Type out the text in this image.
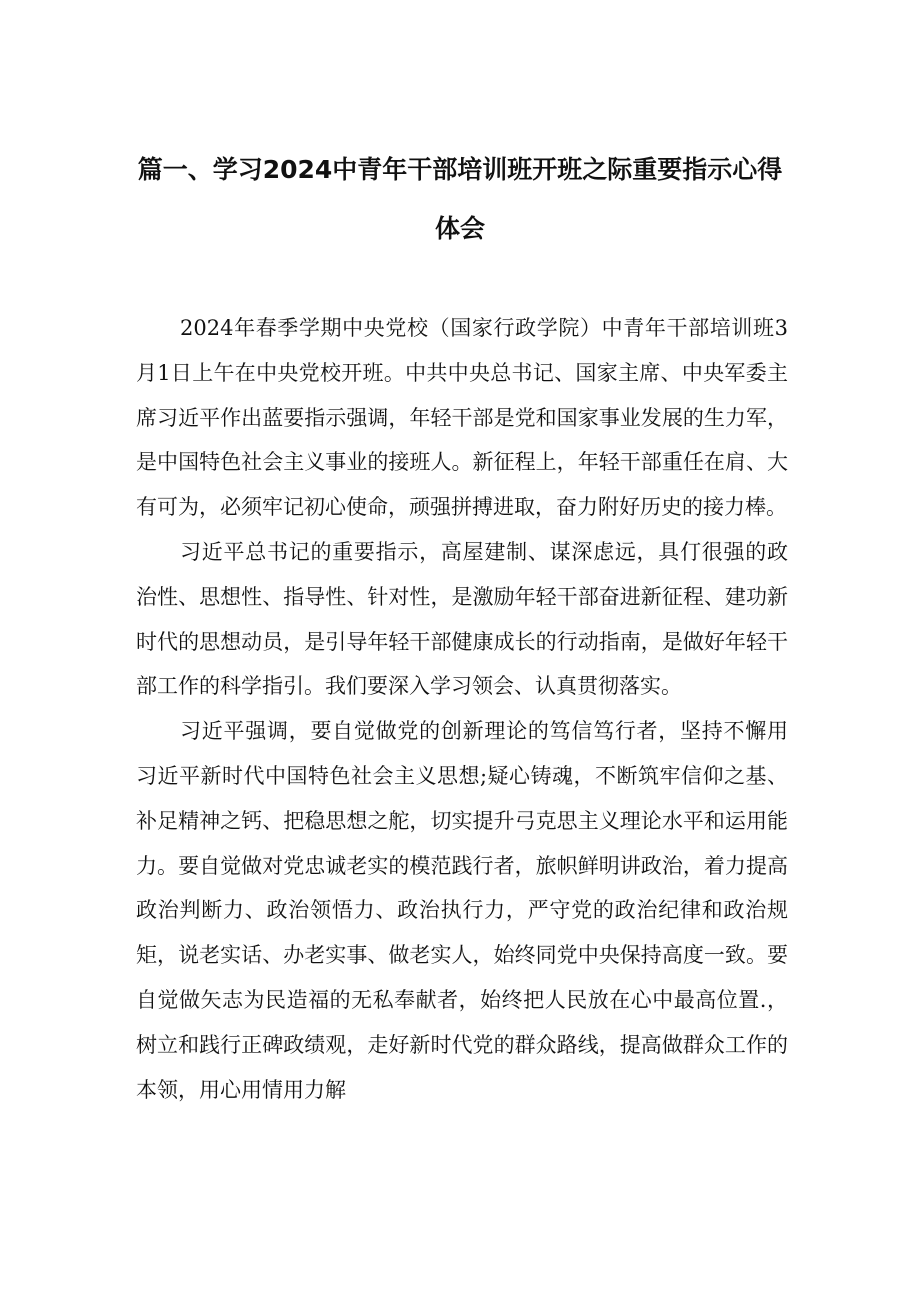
篇一、学习2024中青年干部培训班开班之际重要指示心得
体会

2024年春季学期中央党校（国家行政学院）中青年干部培训班3月1日上午在中央党校开班。中共中央总书记、国家主席、中央军委主席习近平作出蓝要指示强调，年轻干部是党和国家事业发展的生力军，是中国特色社会主义事业的接班人。新征程上，年轻干部重任在肩、大有可为，必须牢记初心使命，顽强拼搏进取，奋力附好历史的接力棒。

习近平总书记的重要指示，高屋建制、谋深虑远，具仃很强的政治性、思想性、指导性、针对性，是激励年轻干部奋进新征程、建功新时代的思想动员，是引导年轻干部健康成长的行动指南，是做好年轻干部工作的科学指引。我们要深入学习领会、认真贯彻落实。

习近平强调，要自觉做党的创新理论的笃信笃行者，坚持不懈用习近平新时代中国特色社会主义思想;疑心铸魂，不断筑牢信仰之基、补足精神之钙、把稳思想之舵，切实提升弓克思主义理论水平和运用能力。要自觉做对党忠诚老实的模范践行者，旅帜鲜明讲政治，着力提高政治判断力、政治领悟力、政治执行力，严守党的政治纪律和政治规矩，说老实话、办老实事、做老实人，始终同党中央保持高度一致。要自觉做矢志为民造福的无私奉献者，始终把人民放在心中最高位置.，树立和践行正碑政绩观，走好新时代党的群众路线，提高做群众工作的本领，用心用情用力解
